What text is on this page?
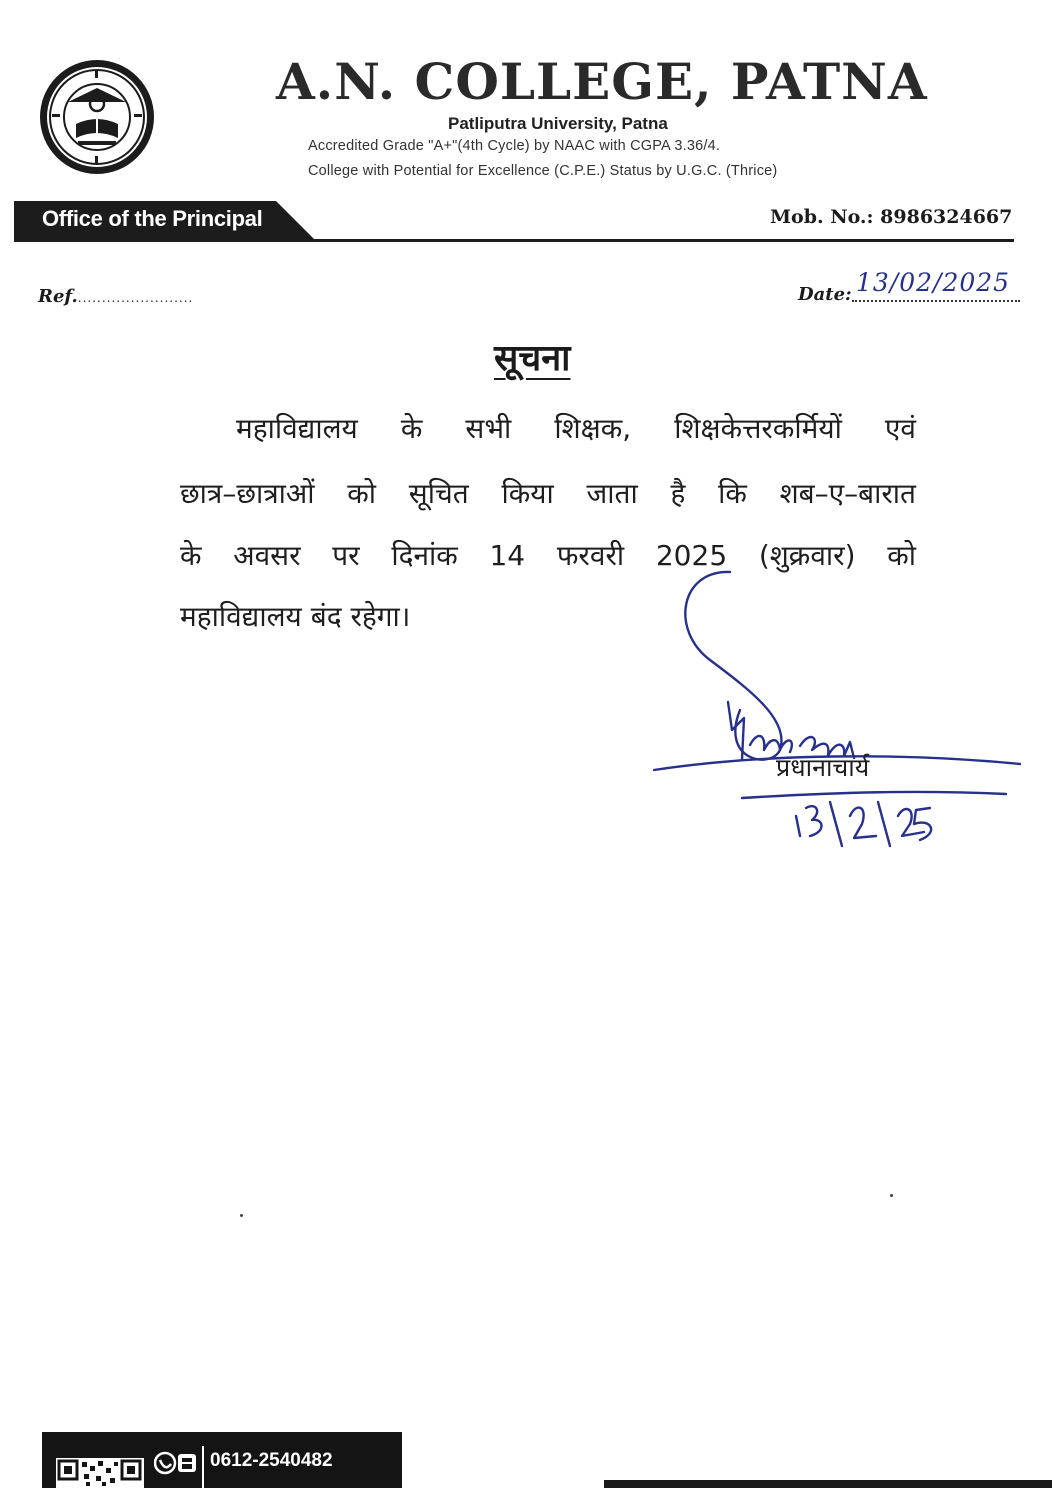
A.N. COLLEGE, PATNA
Patliputra University, Patna
Accredited Grade "A+"(4th Cycle) by NAAC with CGPA 3.36/4.
College with Potential for Excellence (C.P.E.) Status by U.G.C. (Thrice)
Office of the Principal	Mob. No.: 8986324667
Ref.........................	Date: 13/02/2025
सूचना
महाविद्यालय के सभी शिक्षक, शिक्षकेत्तरकर्मियों एवं
छात्र–छात्राओं को सूचित किया जाता है कि शब–ए–बारात
के अवसर पर दिनांक 14 फरवरी 2025 (शुक्रवार) को
महाविद्यालय बंद रहेगा।
प्रधानाचार्य
0612-2540482
